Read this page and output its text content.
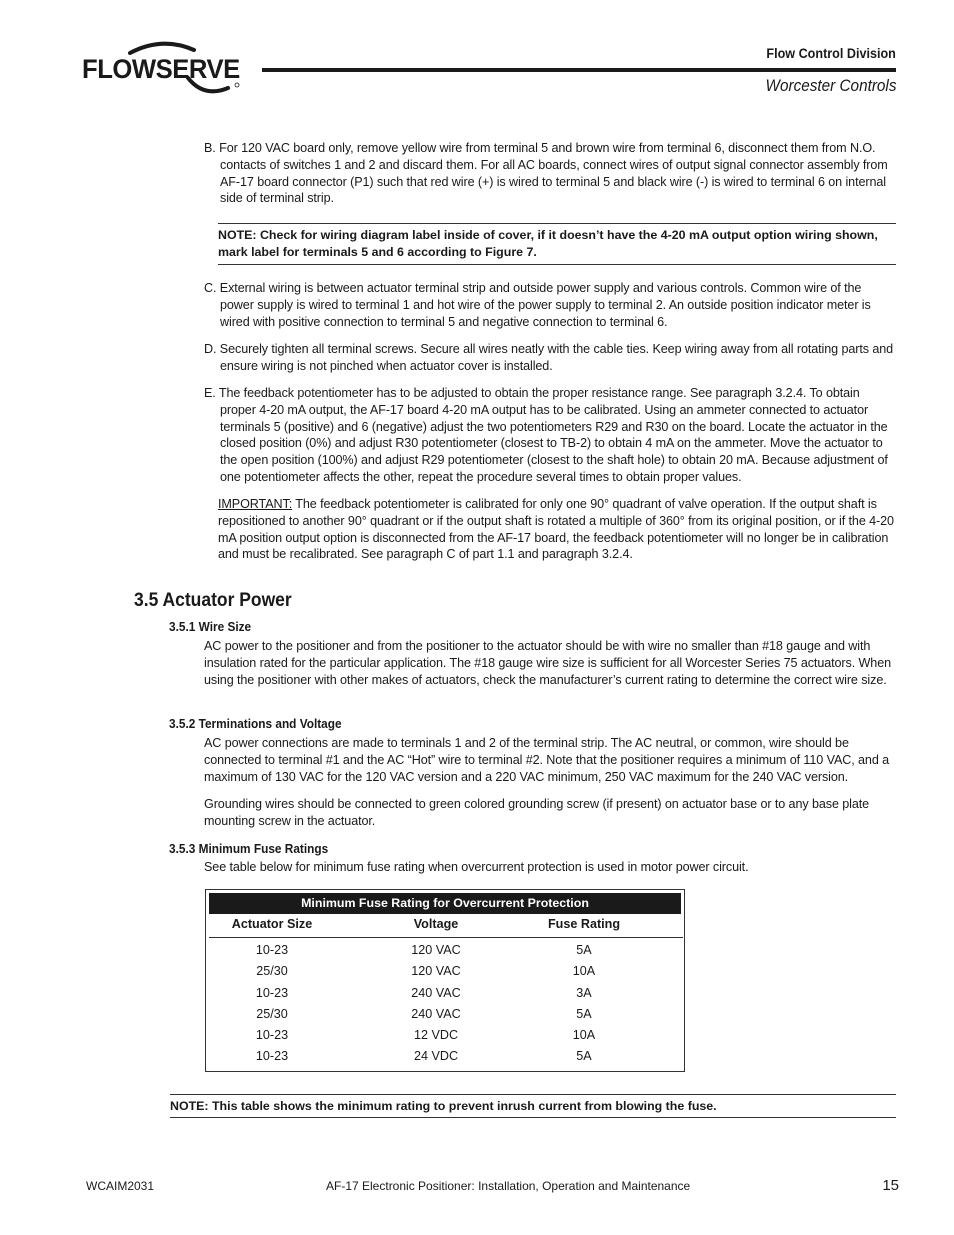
FLOWSERVE
Flow Control Division
Worcester Controls
B. For 120 VAC board only, remove yellow wire from terminal 5 and brown wire from terminal 6, disconnect them from N.O. contacts of switches 1 and 2 and discard them. For all AC boards, connect wires of output signal connector assembly from AF-17 board connector (P1) such that red wire (+) is wired to terminal 5 and black wire (-) is wired to terminal 6 on internal side of terminal strip.
NOTE: Check for wiring diagram label inside of cover, if it doesn’t have the 4-20 mA output option wiring shown, mark label for terminals 5 and 6 according to Figure 7.
C. External wiring is between actuator terminal strip and outside power supply and various controls. Common wire of the power supply is wired to terminal 1 and hot wire of the power supply to terminal 2. An outside position indicator meter is wired with positive connection to terminal 5 and negative connection to terminal 6.
D. Securely tighten all terminal screws. Secure all wires neatly with the cable ties. Keep wiring away from all rotating parts and ensure wiring is not pinched when actuator cover is installed.
E. The feedback potentiometer has to be adjusted to obtain the proper resistance range. See paragraph 3.2.4. To obtain proper 4-20 mA output, the AF-17 board 4-20 mA output has to be calibrated. Using an ammeter connected to actuator terminals 5 (positive) and 6 (negative) adjust the two potentiometers R29 and R30 on the board. Locate the actuator in the closed position (0%) and adjust R30 potentiometer (closest to TB-2) to obtain 4 mA on the ammeter. Move the actuator to the open position (100%) and adjust R29 potentiometer (closest to the shaft hole) to obtain 20 mA. Because adjustment of one potentiometer affects the other, repeat the procedure several times to obtain proper values.
IMPORTANT: The feedback potentiometer is calibrated for only one 90° quadrant of valve operation. If the output shaft is repositioned to another 90° quadrant or if the output shaft is rotated a multiple of 360° from its original position, or if the 4-20 mA position output option is disconnected from the AF-17 board, the feedback potentiometer will no longer be in calibration and must be recalibrated. See paragraph C of part 1.1 and paragraph 3.2.4.
3.5 Actuator Power
3.5.1 Wire Size
AC power to the positioner and from the positioner to the actuator should be with wire no smaller than #18 gauge and with insulation rated for the particular application. The #18 gauge wire size is sufficient for all Worcester Series 75 actuators. When using the positioner with other makes of actuators, check the manufacturer’s current rating to determine the correct wire size.
3.5.2 Terminations and Voltage
AC power connections are made to terminals 1 and 2 of the terminal strip. The AC neutral, or common, wire should be connected to terminal #1 and the AC “Hot” wire to terminal #2. Note that the positioner requires a minimum of 110 VAC, and a maximum of 130 VAC for the 120 VAC version and a 220 VAC minimum, 250 VAC maximum for the 240 VAC version.
Grounding wires should be connected to green colored grounding screw (if present) on actuator base or to any base plate mounting screw in the actuator.
3.5.3 Minimum Fuse Ratings
See table below for minimum fuse rating when overcurrent protection is used in motor power circuit.
Minimum Fuse Rating for Overcurrent Protection
Actuator Size	Voltage	Fuse Rating
10-23	120 VAC	5A
25/30	120 VAC	10A
10-23	240 VAC	3A
25/30	240 VAC	5A
10-23	12 VDC	10A
10-23	24 VDC	5A
NOTE: This table shows the minimum rating to prevent inrush current from blowing the fuse.
WCAIM2031	AF-17 Electronic Positioner: Installation, Operation and Maintenance	15
